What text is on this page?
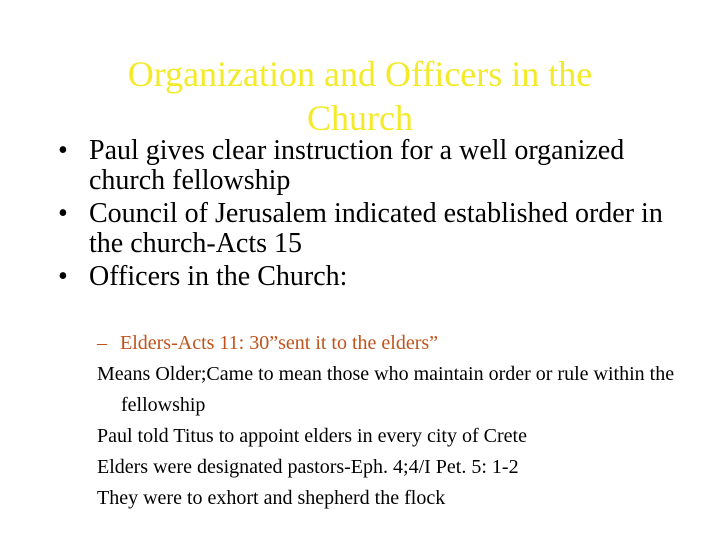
Organization and Officers in the
Church
• Paul gives clear instruction for a well organized church fellowship
• Council of Jerusalem indicated established order in the church-Acts 15
• Officers in the Church:
– Elders-Acts 11: 30”sent it to the elders”
Means Older;Came to mean those who maintain order or rule within the fellowship
Paul told Titus to appoint elders in every city of Crete
Elders were designated pastors-Eph. 4;4/I Pet. 5: 1-2
They were to exhort and shepherd the flock
